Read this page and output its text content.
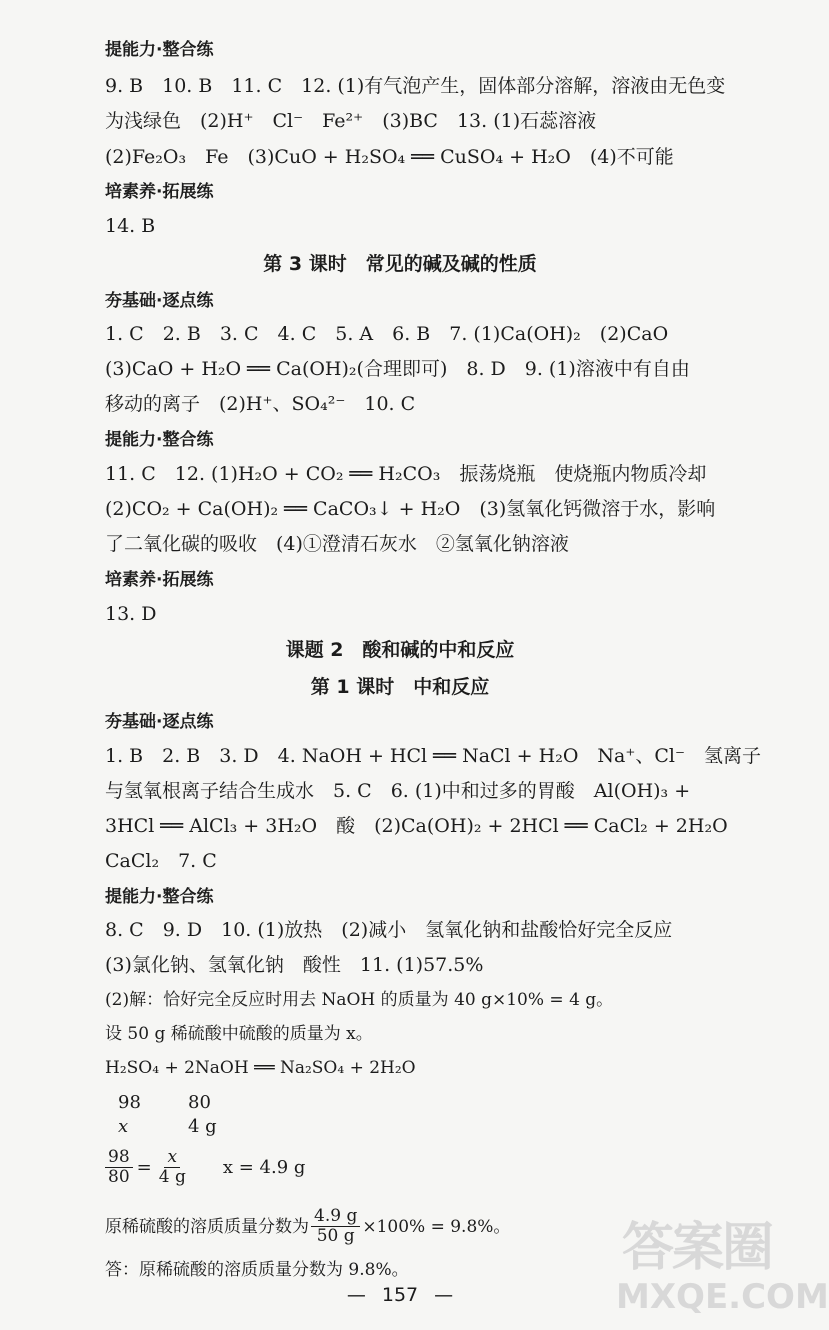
提能力·整合练
9. B　10. B　11. C　12. (1)有气泡产生，固体部分溶解，溶液由无色变
为浅绿色　(2)H⁺　Cl⁻　Fe²⁺　(3)BC　13. (1)石蕊溶液
(2)Fe₂O₃　Fe　(3)CuO + H₂SO₄ ══ CuSO₄ + H₂O　(4)不可能
培素养·拓展练
14. B
第 3 课时　常见的碱及碱的性质
夯基础·逐点练
1. C　2. B　3. C　4. C　5. A　6. B　7. (1)Ca(OH)₂　(2)CaO
(3)CaO + H₂O ══ Ca(OH)₂(合理即可)　8. D　9. (1)溶液中有自由
移动的离子　(2)H⁺、SO₄²⁻　10. C
提能力·整合练
11. C　12. (1)H₂O + CO₂ ══ H₂CO₃　振荡烧瓶　使烧瓶内物质冷却
(2)CO₂ + Ca(OH)₂ ══ CaCO₃↓ + H₂O　(3)氢氧化钙微溶于水，影响
了二氧化碳的吸收　(4)①澄清石灰水　②氢氧化钠溶液
培素养·拓展练
13. D
课题 2　酸和碱的中和反应
第 1 课时　中和反应
夯基础·逐点练
1. B　2. B　3. D　4. NaOH + HCl ══ NaCl + H₂O　Na⁺、Cl⁻　氢离子
与氢氧根离子结合生成水　5. C　6. (1)中和过多的胃酸　Al(OH)₃ +
3HCl ══ AlCl₃ + 3H₂O　酸　(2)Ca(OH)₂ + 2HCl ══ CaCl₂ + 2H₂O
CaCl₂　7. C
提能力·整合练
8. C　9. D　10. (1)放热　(2)减小　氢氧化钠和盐酸恰好完全反应
(3)氯化钠、氢氧化钠　酸性　11. (1)57.5%
(2)解：恰好完全反应时用去 NaOH 的质量为 40 g×10% = 4 g。
设 50 g 稀硫酸中硫酸的质量为 x。
H₂SO₄ + 2NaOH ══ Na₂SO₄ + 2H₂O
98	80
x	4 g
$\frac{98}{80} = \frac{x}{4 g}$ x = 4.9 g
原稀硫酸的溶质质量分数为 $\frac{4.9 g}{50 g} \times 100\% = 9.8\%$。
答：原稀硫酸的溶质质量分数为 9.8%。
— 157 —
答案圈
MXQE.COM
